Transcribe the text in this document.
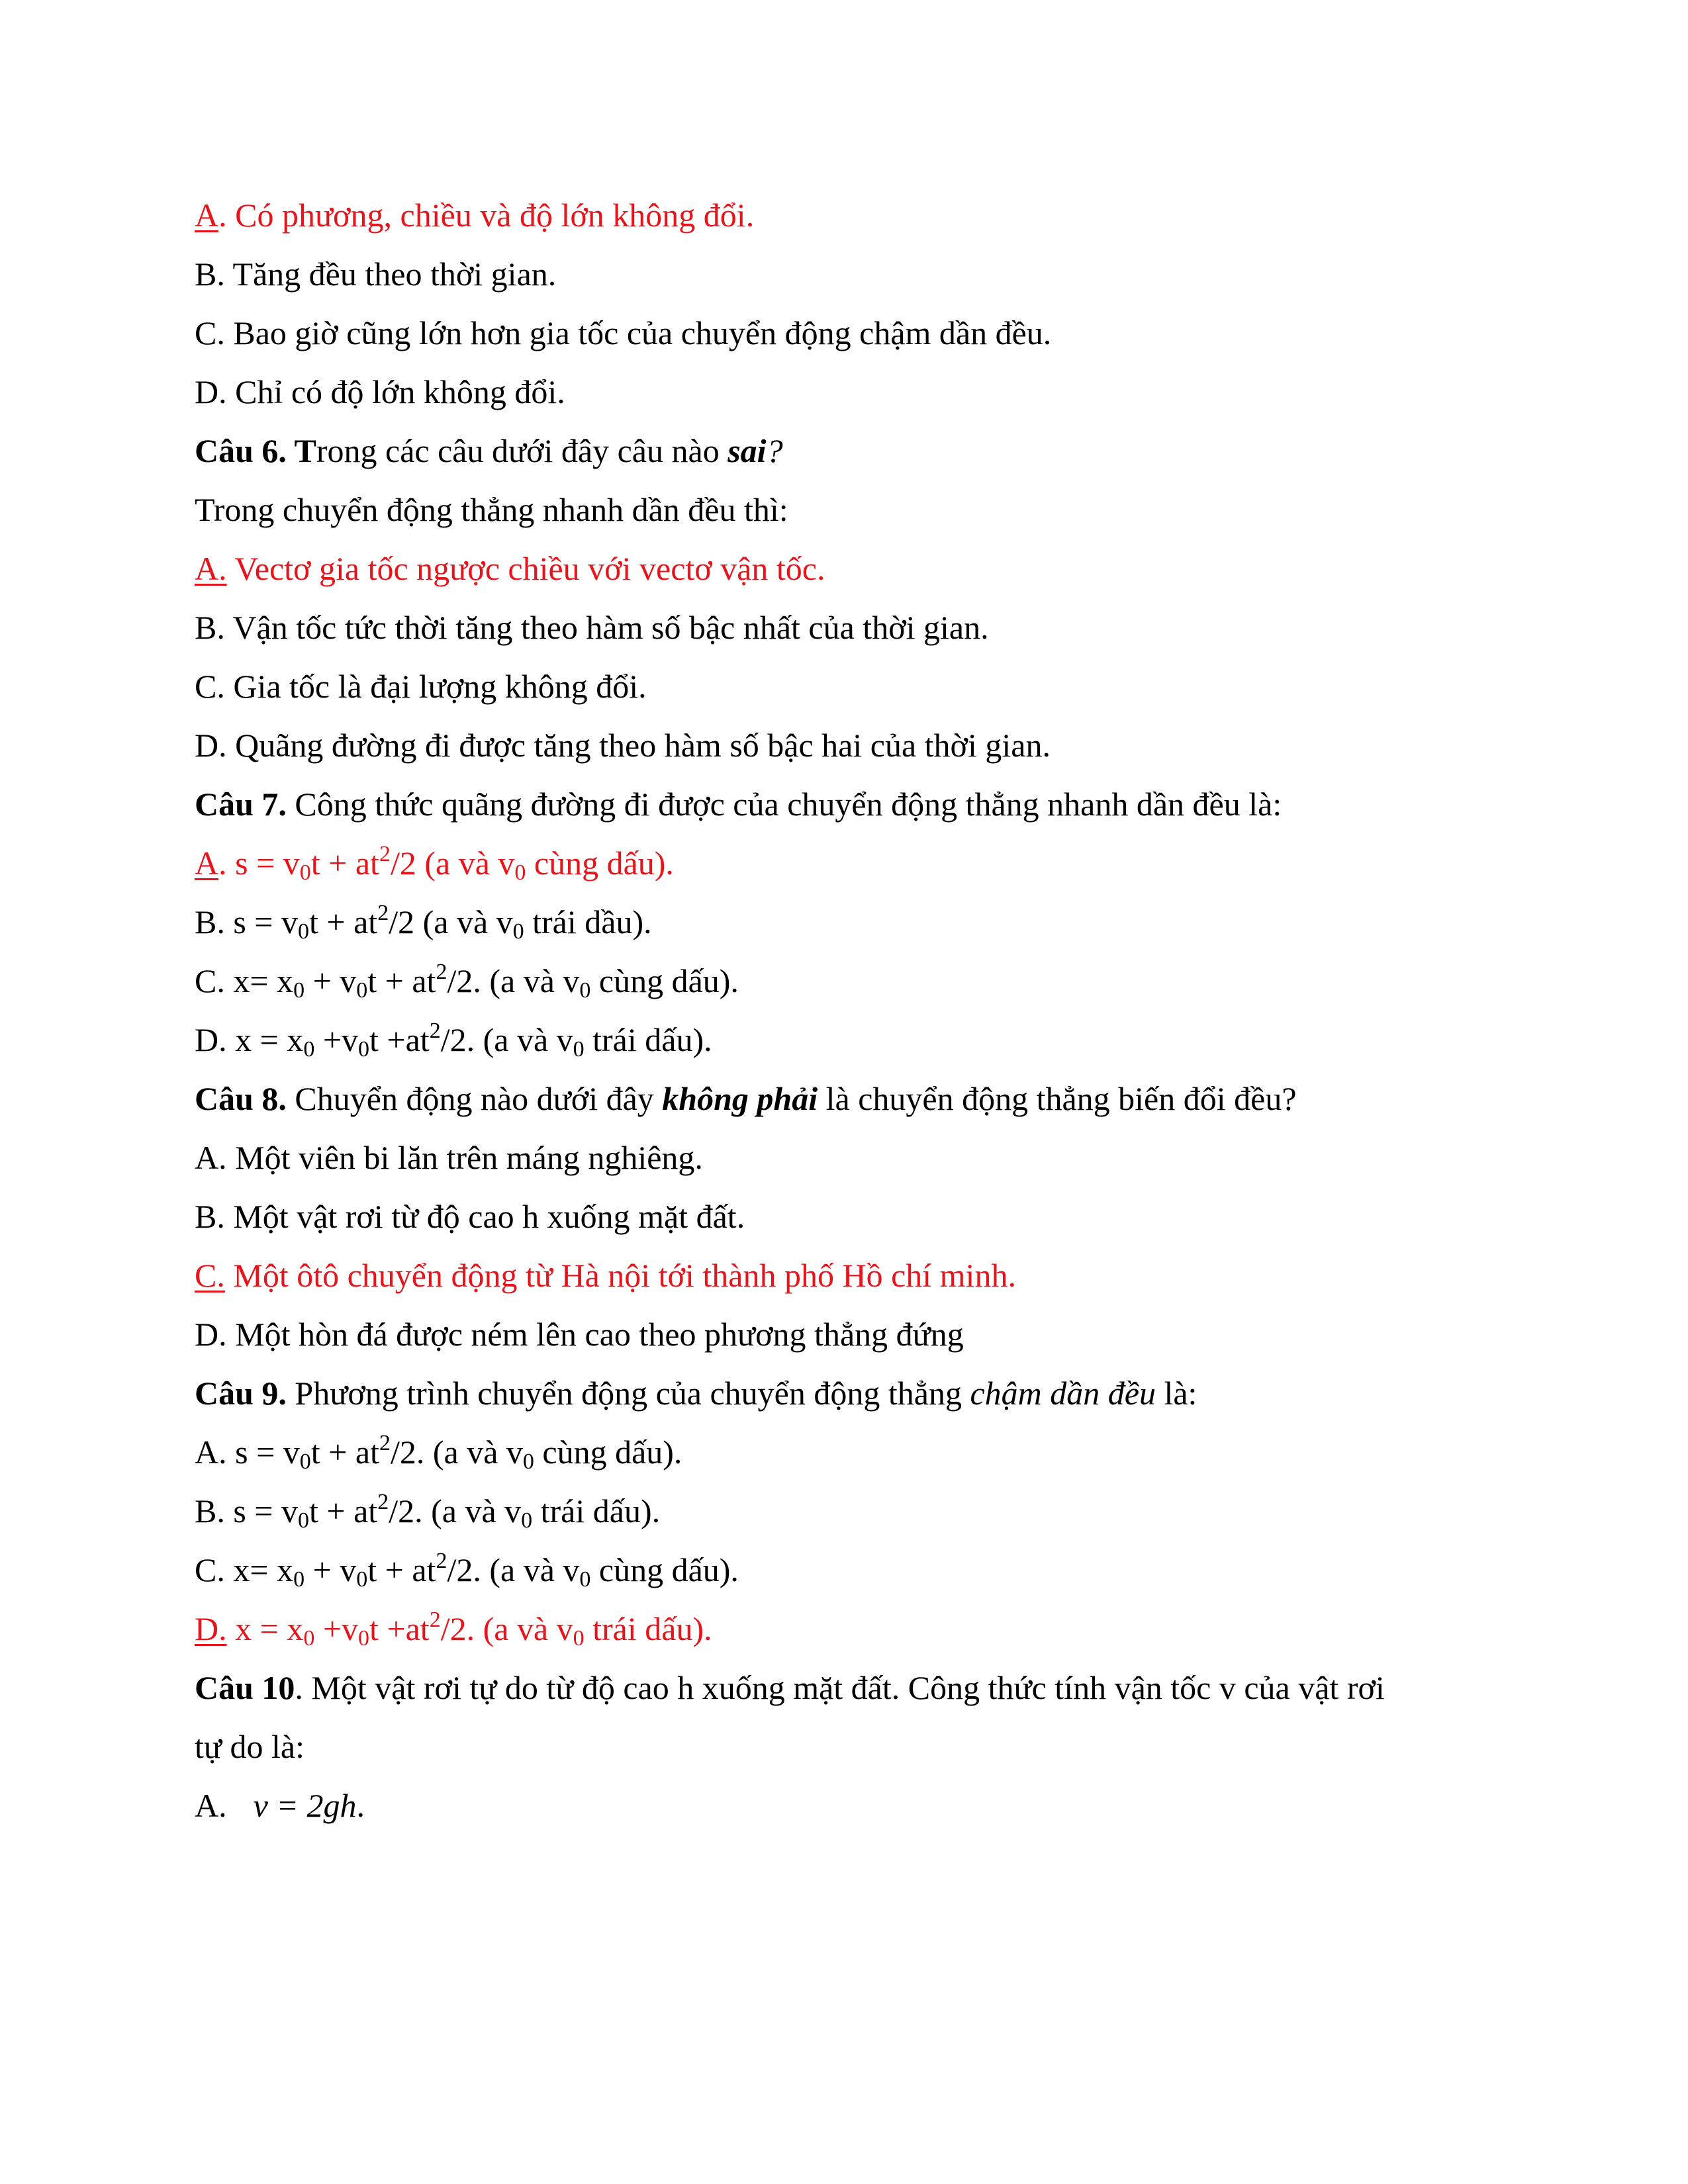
A. Có phương, chiều và độ lớn không đổi.
B. Tăng đều theo thời gian.
C. Bao giờ cũng lớn hơn gia tốc của chuyển động chậm dần đều.
D. Chỉ có độ lớn không đổi.
Câu 6. Trong các câu dưới đây câu nào sai?
Trong chuyển động thẳng nhanh dần đều thì:
A. Vectơ gia tốc ngược chiều với vectơ vận tốc.
B. Vận tốc tức thời tăng theo hàm số bậc nhất của thời gian.
C. Gia tốc là đại lượng không đổi.
D. Quãng đường đi được tăng theo hàm số bậc hai của thời gian.
Câu 7. Công thức quãng đường đi được của chuyển động thẳng nhanh dần đều là:
A. $s = v_0t + at^2/2$ (a và $v_0$ cùng dấu).
B. $s = v_0t + at^2/2$ (a và $v_0$ trái dầu).
C. $x= x_0 + v_0t + at^2/2$. (a và $v_0$ cùng dấu).
D. $x = x_0 +v_0t +at^2/2$. (a và $v_0$ trái dấu).
Câu 8. Chuyển động nào dưới đây không phải là chuyển động thẳng biến đổi đều?
A. Một viên bi lăn trên máng nghiêng.
B. Một vật rơi từ độ cao h xuống mặt đất.
C. Một ôtô chuyển động từ Hà nội tới thành phố Hồ chí minh.
D. Một hòn đá được ném lên cao theo phương thẳng đứng
Câu 9. Phương trình chuyển động của chuyển động thẳng chậm dần đều là:
A. $s = v_0t + at^2/2$. (a và $v_0$ cùng dấu).
B. $s = v_0t + at^2/2$. (a và $v_0$ trái dấu).
C. $x= x_0 + v_0t + at^2/2$. (a và $v_0$ cùng dấu).
D. $x = x_0 +v_0t +at^2/2$. (a và $v_0$ trái dấu).
Câu 10. Một vật rơi tự do từ độ cao h xuống mặt đất. Công thức tính vận tốc v của vật rơi
tự do là:
A. v = 2gh.
